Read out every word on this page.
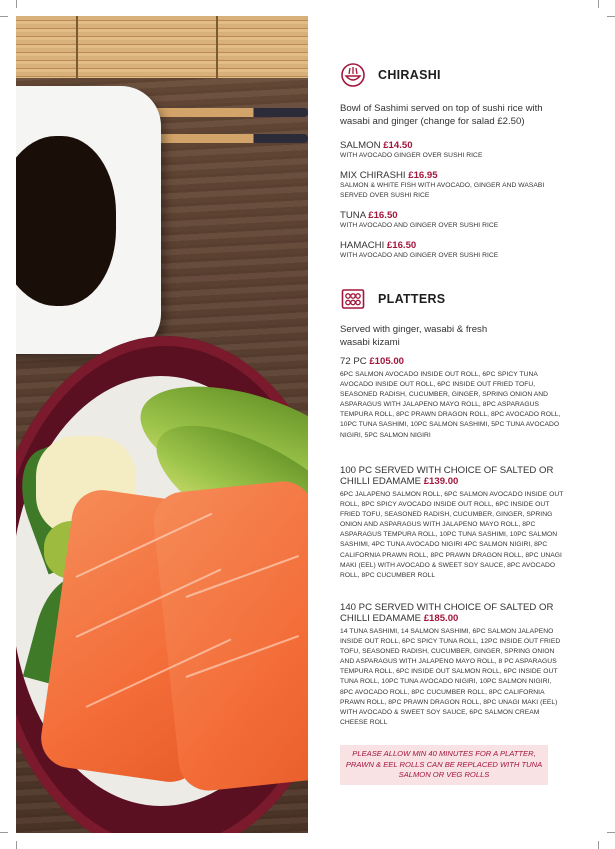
CHIRASHI
Bowl of Sashimi served on top of sushi rice with wasabi and ginger (change for salad £2.50)
SALMON £14.50
WITH AVOCADO GINGER OVER SUSHI RICE
MIX CHIRASHI £16.95
SALMON & WHITE FISH WITH AVOCADO, GINGER AND WASABI SERVED OVER SUSHI RICE
TUNA £16.50
WITH AVOCADO AND GINGER OVER SUSHI RICE
HAMACHI £16.50
WITH AVOCADO AND GINGER OVER SUSHI RICE
PLATTERS
Served with ginger, wasabi & fresh wasabi kizami
72 PC £105.00
6PC SALMON AVOCADO INSIDE OUT ROLL, 6PC SPICY TUNA AVOCADO INSIDE OUT ROLL, 6PC INSIDE OUT FRIED TOFU, SEASONED RADISH, CUCUMBER, GINGER, SPRING ONION AND ASPARAGUS WITH JALAPENO MAYO ROLL, 8PC ASPARAGUS TEMPURA ROLL, 8PC PRAWN DRAGON ROLL, 8PC AVOCADO ROLL, 10PC TUNA SASHIMI, 10PC SALMON SASHIMI, 5PC TUNA AVOCADO NIGIRI, 5PC SALMON NIGIRI
100 PC SERVED WITH CHOICE OF SALTED OR CHILLI EDAMAME £139.00
6PC JALAPENO SALMON ROLL, 6PC SALMON AVOCADO INSIDE OUT ROLL, 8PC SPICY AVOCADO INSIDE OUT ROLL, 6PC INSIDE OUT FRIED TOFU, SEASONED RADISH, CUCUMBER, GINGER, SPRING ONION AND ASPARAGUS WITH JALAPENO MAYO ROLL, 8PC ASPARAGUS TEMPURA ROLL, 10PC TUNA SASHIMI, 10PC SALMON SASHIMI, 4PC TUNA AVOCADO NIGIRI 4PC SALMON NIGIRI, 8PC CALIFORNIA PRAWN ROLL, 8PC PRAWN DRAGON ROLL, 8PC UNAGI MAKI (EEL) WITH AVOCADO & SWEET SOY SAUCE, 8PC AVOCADO ROLL, 8PC CUCUMBER ROLL
140 PC SERVED WITH CHOICE OF SALTED OR CHILLI EDAMAME £185.00
14 TUNA SASHIMI, 14 SALMON SASHIMI, 6PC SALMON JALAPENO INSIDE OUT ROLL, 6PC SPICY TUNA ROLL, 12PC INSIDE OUT FRIED TOFU, SEASONED RADISH, CUCUMBER, GINGER, SPRING ONION AND ASPARAGUS WITH JALAPENO MAYO ROLL, 8 PC ASPARAGUS TEMPURA ROLL, 6PC INSIDE OUT SALMON ROLL, 6PC INSIDE OUT TUNA ROLL, 10PC TUNA AVOCADO NIGIRI, 10PC SALMON NIGIRI, 8PC AVOCADO ROLL, 8PC CUCUMBER ROLL, 8PC CALIFORNIA PRAWN ROLL, 8PC PRAWN DRAGON ROLL, 8PC UNAGI MAKI (EEL) WITH AVOCADO & SWEET SOY SAUCE, 6PC SALMON CREAM CHEESE ROLL
PLEASE ALLOW MIN 40 MINUTES FOR A PLATTER, PRAWN & EEL ROLLS CAN BE REPLACED WITH TUNA SALMON OR VEG ROLLS
